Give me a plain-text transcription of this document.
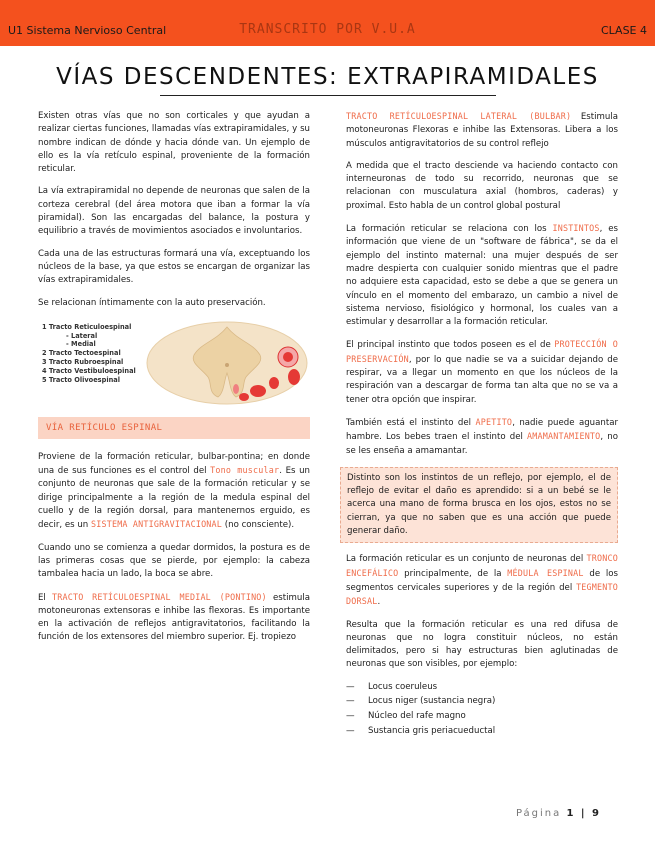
U1 Sistema Nervioso Central	TRANSCRITO POR V.U.A	CLASE 4
VÍAS DESCENDENTES: EXTRAPIRAMIDALES

Existen otras vías que no son corticales y que ayudan a realizar ciertas funciones, llamadas vías extrapiramidales, y su nombre indican de dónde y hacia dónde van. Un ejemplo de ello es la vía retículo espinal, proveniente de la formación reticular.

La vía extrapiramidal no depende de neuronas que salen de la corteza cerebral (del área motora que iban a formar la vía piramidal). Son las encargadas del balance, la postura y equilibrio a través de movimientos asociados e involuntarios.

Cada una de las estructuras formará una vía, exceptuando los núcleos de la base, ya que estos se encargan de organizar las vías extrapiramidales.

Se relacionan íntimamente con la auto preservación.

1 Tracto Reticuloespinal
- Lateral
- Medial
2 Tracto Tectoespinal
3 Tracto Rubroespinal
4 Tracto Vestibuloespinal
5 Tracto Olivoespinal
VÍA RETÍCULO ESPINAL

Proviene de la formación reticular, bulbar-pontina; en donde una de sus funciones es el control del Tono muscular. Es un conjunto de neuronas que sale de la formación reticular y se dirige principalmente a la región de la medula espinal del cuello y de la región dorsal, para mantenernos erguido, es decir, es un SISTEMA ANTIGRAVITACIONAL (no consciente).

Cuando uno se comienza a quedar dormidos, la postura es de las primeras cosas que se pierde, por ejemplo: la cabeza tambalea hacia un lado, la boca se abre.

El TRACTO RETÍCULOESPINAL MEDIAL (PONTINO) estimula motoneuronas extensoras e inhibe las flexoras. Es importante en la activación de reflejos antigravitatorios, facilitando la función de los extensores del miembro superior. Ej. tropiezo

TRACTO RETÍCULOESPINAL LATERAL (BULBAR) Estimula motoneuronas Flexoras e inhibe las Extensoras. Libera a los músculos antigravitatorios de su control reflejo

A medida que el tracto desciende va haciendo contacto con interneuronas de todo su recorrido, neuronas que se relacionan con musculatura axial (hombros, caderas) y proximal. Esto habla de un control global postural

La formación reticular se relaciona con los INSTINTOS, es información que viene de un "software de fábrica", se da el ejemplo del instinto maternal: una mujer después de ser madre despierta con cualquier sonido mientras que el padre no adquiere esta capacidad, esto se debe a que se genera un vínculo en el momento del embarazo, un cambio a nivel de sistema nervioso, fisiológico y hormonal, los cuales van a estimular y desarrollar a la formación reticular.

El principal instinto que todos poseen es el de PROTECCIÓN O PRESERVACIÓN, por lo que nadie se va a suicidar dejando de respirar, va a llegar un momento en que los núcleos de la respiración van a descargar de forma tan alta que no se va a tener otra opción que inspirar.

También está el instinto del APETITO, nadie puede aguantar hambre. Los bebes traen el instinto del AMAMANTAMIENTO, no se les enseña a amamantar.

Distinto son los instintos de un reflejo, por ejemplo, el de reflejo de evitar el daño es aprendido: si a un bebé se le acerca una mano de forma brusca en los ojos, estos no se cierran, ya que no saben que es una acción que puede generar daño.

La formación reticular es un conjunto de neuronas del TRONCO ENCEFÁLICO principalmente, de la MÉDULA ESPINAL de los segmentos cervicales superiores y de la región del TEGMENTO DORSAL.

Resulta que la formación reticular es una red difusa de neuronas que no logra constituir núcleos, no están delimitados, pero si hay estructuras bien aglutinadas de neuronas que son visibles, por ejemplo:

— Locus coeruleus
— Locus niger (sustancia negra)
— Núcleo del rafe magno
— Sustancia gris periacueductal
Página 1 | 9
